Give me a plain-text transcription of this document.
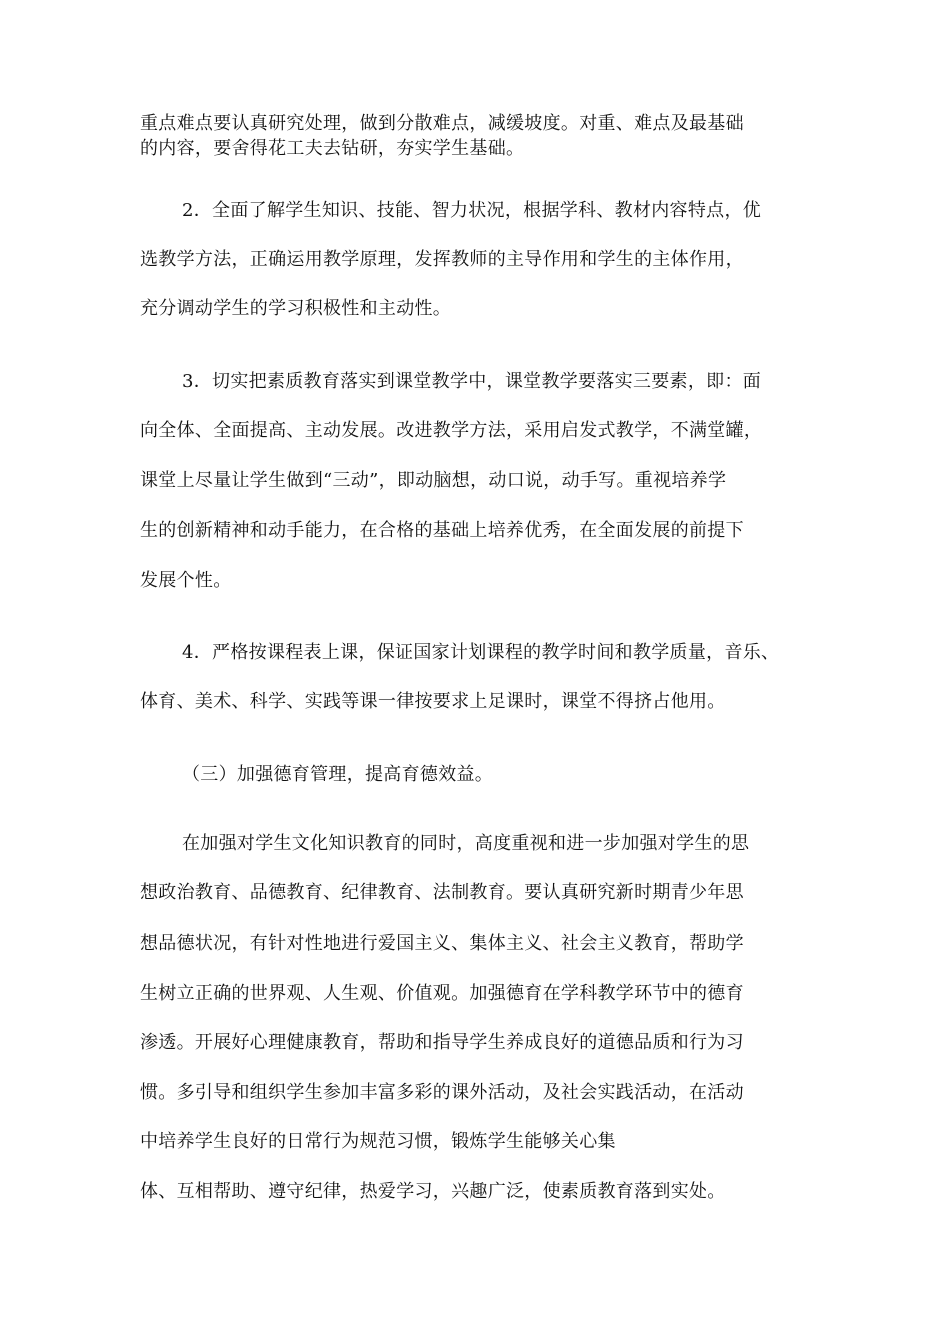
重点难点要认真研究处理，做到分散难点，减缓坡度。对重、难点及最基础
的内容，要舍得花工夫去钻研，夯实学生基础。
2．全面了解学生知识、技能、智力状况，根据学科、教材内容特点，优
选教学方法，正确运用教学原理，发挥教师的主导作用和学生的主体作用，
充分调动学生的学习积极性和主动性。
3．切实把素质教育落实到课堂教学中，课堂教学要落实三要素，即：面
向全体、全面提高、主动发展。改进教学方法，采用启发式教学，不满堂罐，
课堂上尽量让学生做到“三动”，即动脑想，动口说，动手写。重视培养学
生的创新精神和动手能力，在合格的基础上培养优秀，在全面发展的前提下
发展个性。
4．严格按课程表上课，保证国家计划课程的教学时间和教学质量，音乐、
体育、美术、科学、实践等课一律按要求上足课时，课堂不得挤占他用。
（三）加强德育管理，提高育德效益。
在加强对学生文化知识教育的同时，高度重视和进一步加强对学生的思
想政治教育、品德教育、纪律教育、法制教育。要认真研究新时期青少年思
想品德状况，有针对性地进行爱国主义、集体主义、社会主义教育，帮助学
生树立正确的世界观、人生观、价值观。加强德育在学科教学环节中的德育
渗透。开展好心理健康教育，帮助和指导学生养成良好的道德品质和行为习
惯。多引导和组织学生参加丰富多彩的课外活动，及社会实践活动，在活动
中培养学生良好的日常行为规范习惯，锻炼学生能够关心集
体、互相帮助、遵守纪律，热爱学习，兴趣广泛，使素质教育落到实处。
